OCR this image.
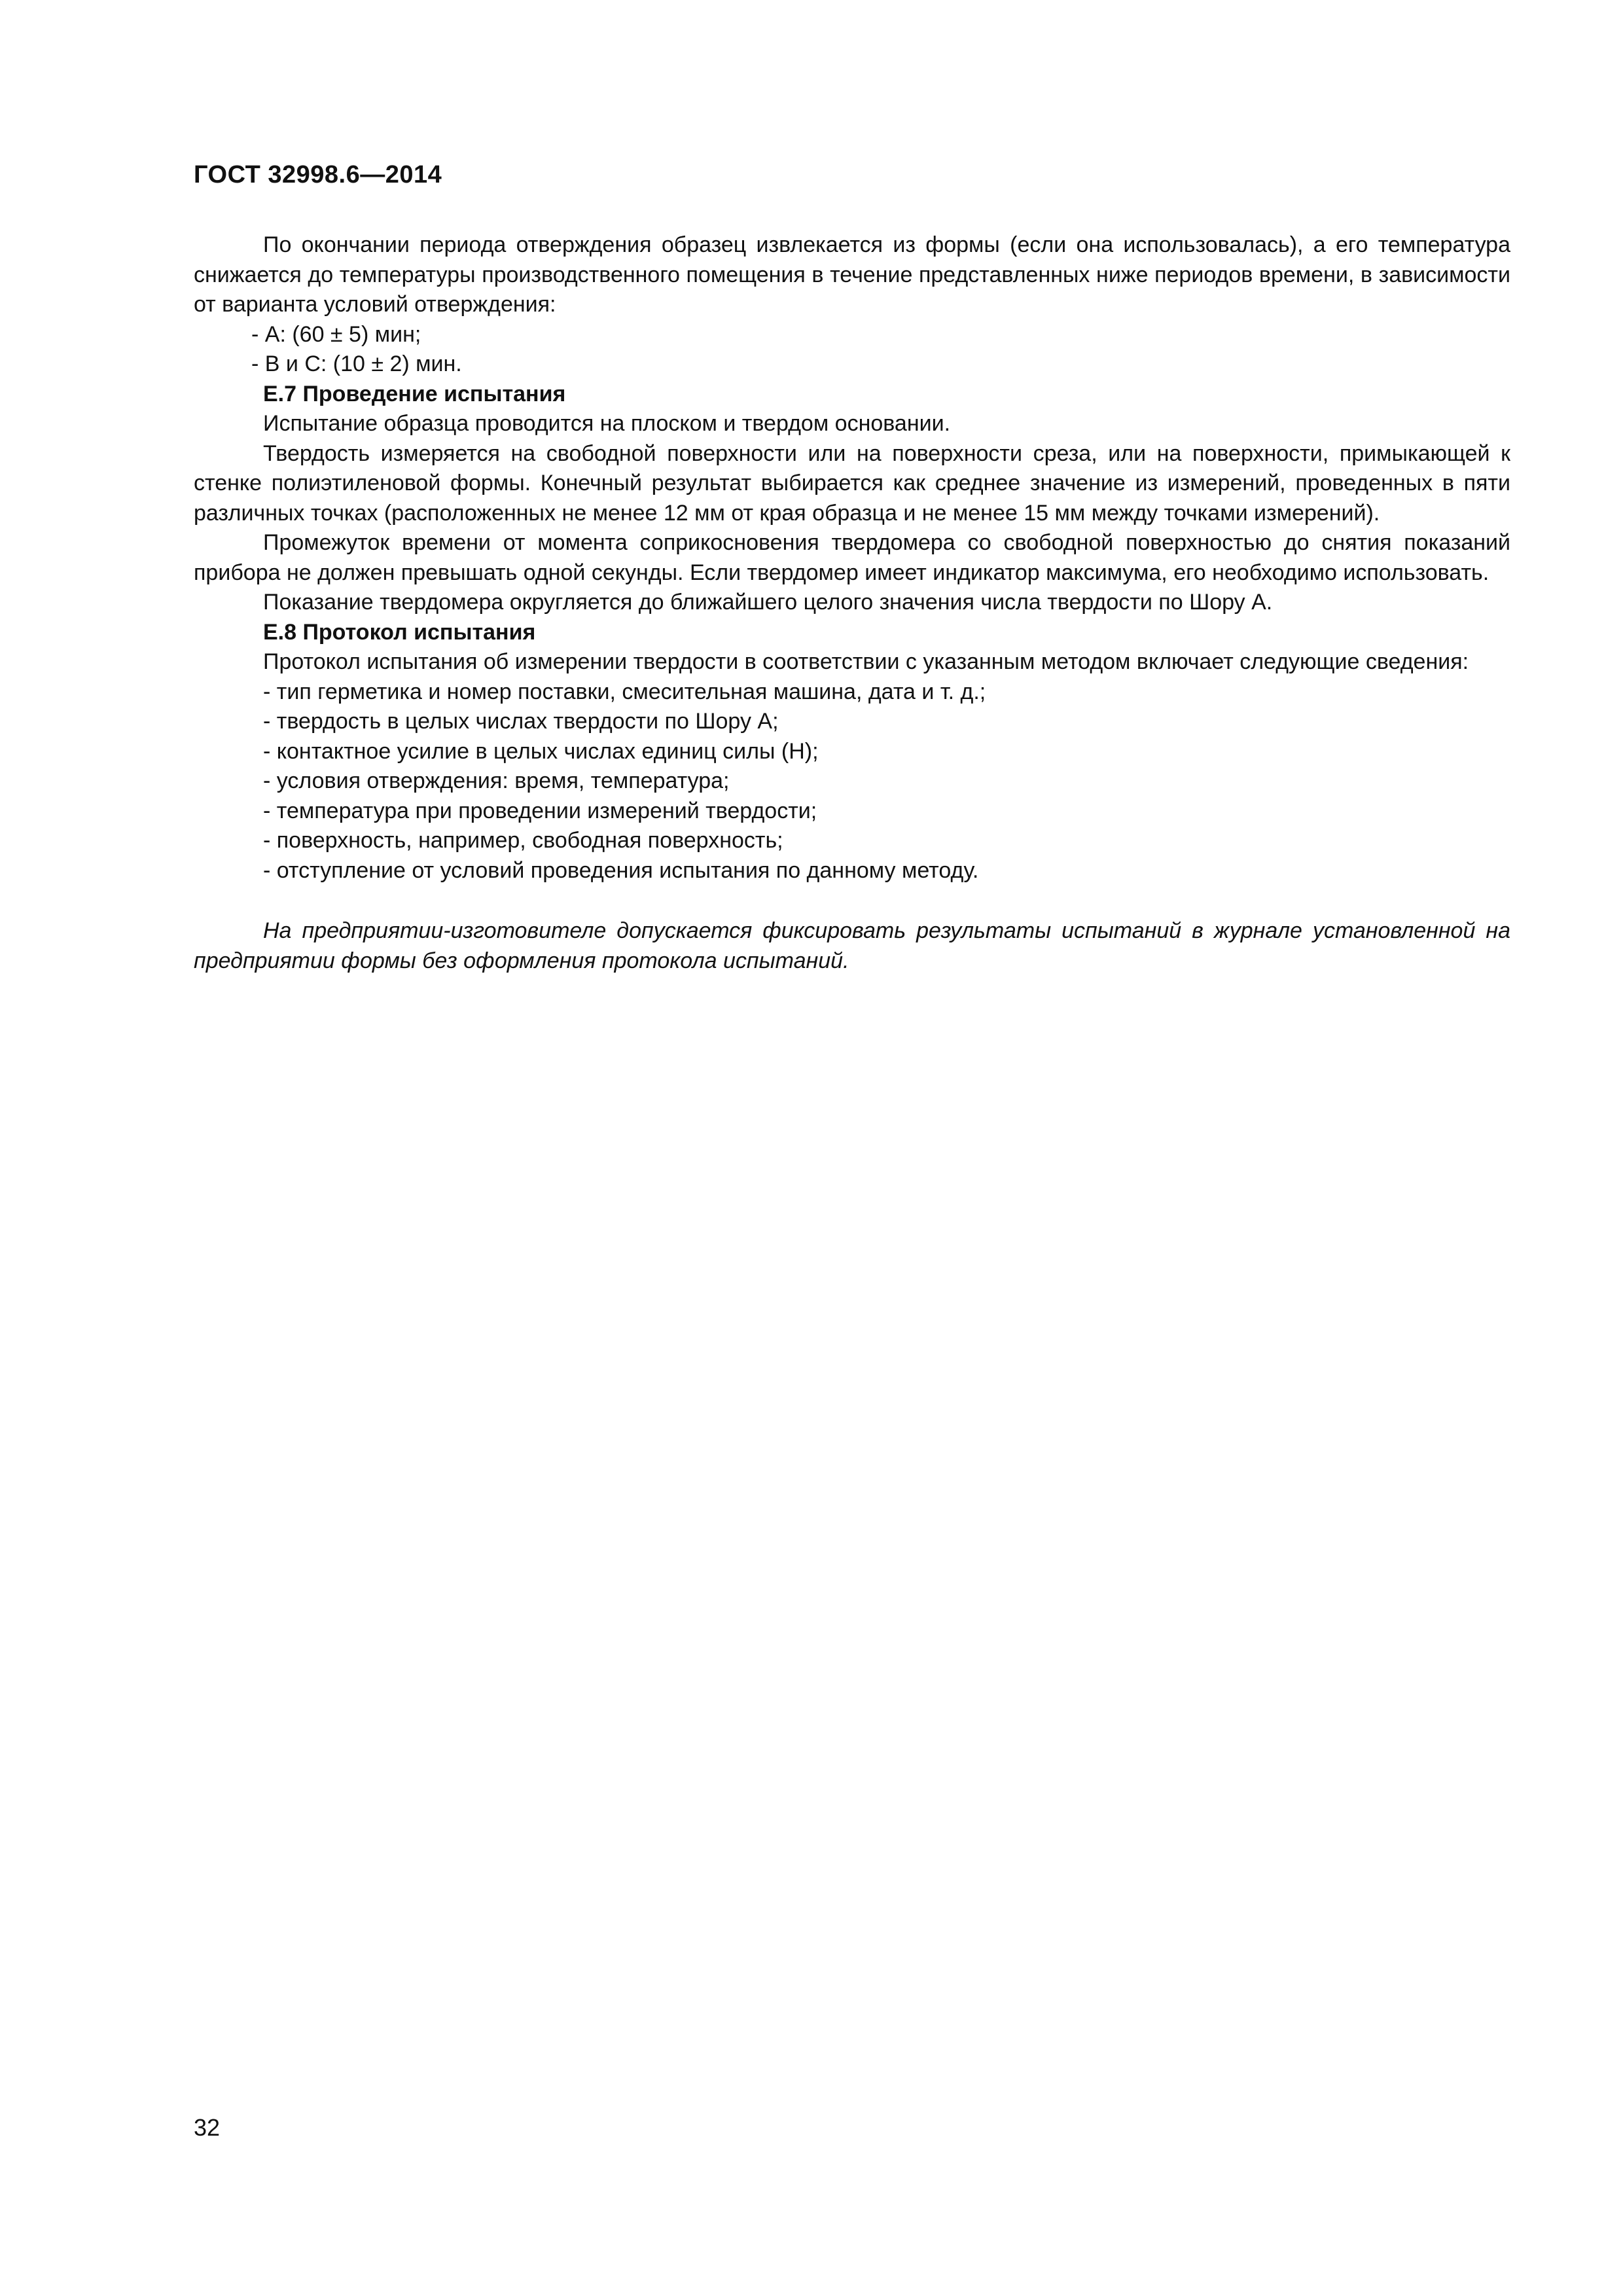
ГОСТ 32998.6—2014

По окончании периода отверждения образец извлекается из формы (если она использовалась), а его температура снижается до температуры производственного помещения в течение представленных ниже периодов времени, в зависимости от варианта условий отверждения:

- А: (60 ± 5) мин;

- В и С: (10 ± 2) мин.

Е.7 Проведение испытания

Испытание образца проводится на плоском и твердом основании.

Твердость измеряется на свободной поверхности или на поверхности среза, или на поверхности, примыкающей к стенке полиэтиленовой формы. Конечный результат выбирается как среднее значение из измерений, проведенных в пяти различных точках (расположенных не менее 12 мм от края образца и не менее 15 мм между точками измерений).

Промежуток времени от момента соприкосновения твердомера со свободной поверхностью до снятия показаний прибора не должен превышать одной секунды. Если твердомер имеет индикатор максимума, его необходимо использовать.

Показание твердомера округляется до ближайшего целого значения числа твердости по Шору А.

Е.8 Протокол испытания

Протокол испытания об измерении твердости в соответствии с указанным методом включает следующие сведения:

- тип герметика и номер поставки, смесительная машина, дата и т. д.;

- твердость в целых числах твердости по Шору А;

- контактное усилие в целых числах единиц силы (Н);

- условия отверждения: время, температура;

- температура при проведении измерений твердости;

- поверхность, например, свободная поверхность;

- отступление от условий проведения испытания по данному методу.

На предприятии-изготовителе допускается фиксировать результаты испытаний в журнале установленной на предприятии формы без оформления протокола испытаний.

32
